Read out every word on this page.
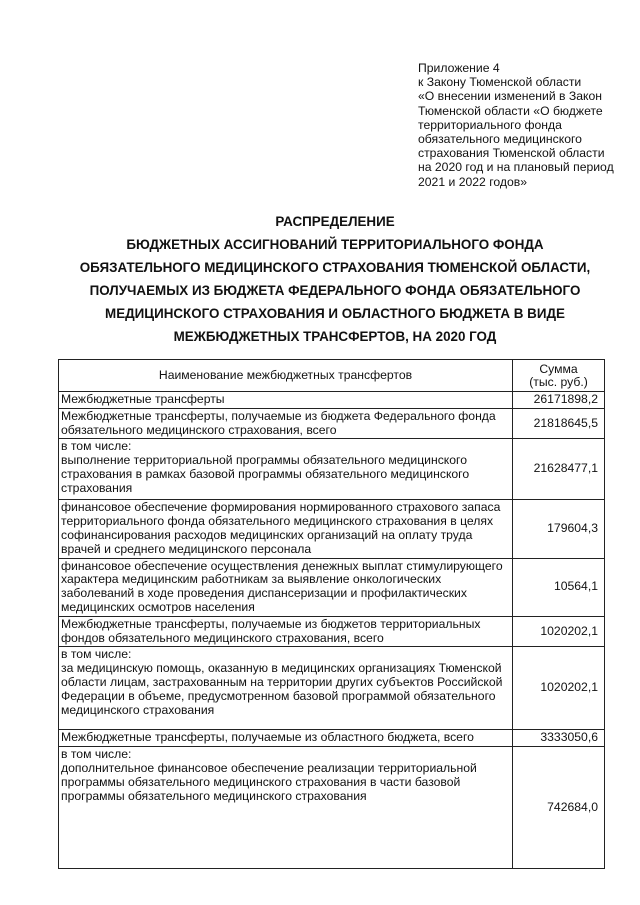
Приложение 4
к Закону Тюменской области
«О внесении изменений в Закон
Тюменской области «О бюджете
территориального фонда
обязательного медицинского
страхования Тюменской области
на 2020 год и на плановый период
2021 и 2022 годов»
РАСПРЕДЕЛЕНИЕ
БЮДЖЕТНЫХ АССИГНОВАНИЙ ТЕРРИТОРИАЛЬНОГО ФОНДА
ОБЯЗАТЕЛЬНОГО МЕДИЦИНСКОГО СТРАХОВАНИЯ ТЮМЕНСКОЙ ОБЛАСТИ,
ПОЛУЧАЕМЫХ ИЗ БЮДЖЕТА ФЕДЕРАЛЬНОГО ФОНДА ОБЯЗАТЕЛЬНОГО
МЕДИЦИНСКОГО СТРАХОВАНИЯ И ОБЛАСТНОГО БЮДЖЕТА В ВИДЕ
МЕЖБЮДЖЕТНЫХ ТРАНСФЕРТОВ, НА 2020 ГОД
Наименование межбюджетных трансфертов	Сумма
(тыс. руб.)

Межбюджетные трансферты	26171898,2
Межбюджетные трансферты, получаемые из бюджета Федерального фонда обязательного медицинского страхования, всего	21818645,5

в том числе:
выполнение территориальной программы обязательного медицинского страхования в рамках базовой программы обязательного медицинского страхования	21628477,1
финансовое обеспечение формирования нормированного страхового запаса территориального фонда обязательного медицинского страхования в целях софинансирования расходов медицинских организаций на оплату труда врачей и среднего медицинского персонала	179604,3
финансовое обеспечение осуществления денежных выплат стимулирующего характера медицинским работникам за выявление онкологических заболеваний в ходе проведения диспансеризации и профилактических медицинских осмотров населения	10564,1
Межбюджетные трансферты, получаемые из бюджетов территориальных фондов обязательного медицинского страхования, всего	1020202,1

в том числе:
за медицинскую помощь, оказанную в медицинских организациях Тюменской области лицам, застрахованным на территории других субъектов Российской Федерации в объеме, предусмотренном базовой программой обязательного медицинского страхования	1020202,1
Межбюджетные трансферты, получаемые из областного бюджета, всего	3333050,6

в том числе:
дополнительное финансовое обеспечение реализации территориальной программы обязательного медицинского страхования в части базовой программы обязательного медицинского страхования	742684,0
